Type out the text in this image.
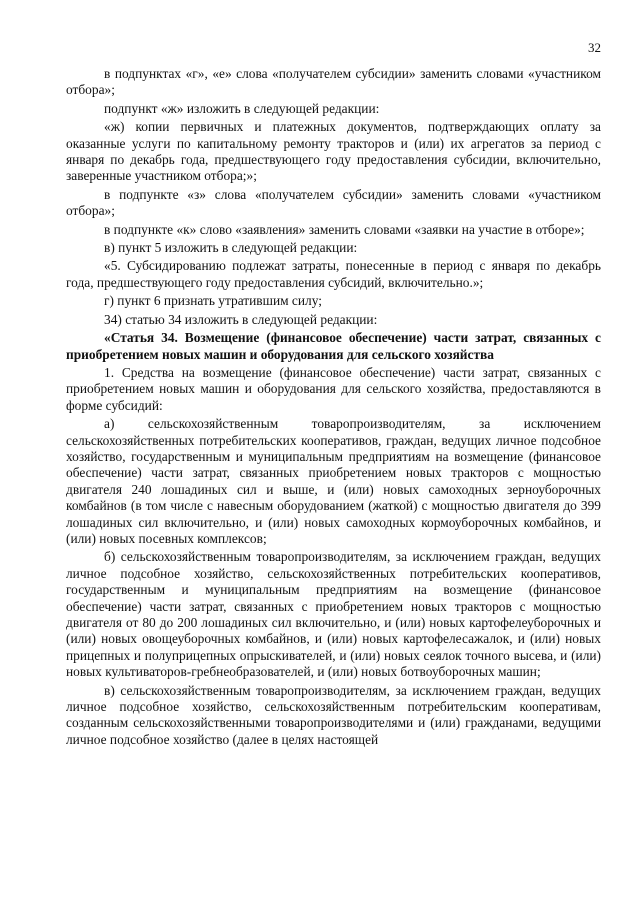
32

в подпунктах «г», «е» слова «получателем субсидии» заменить словами «участником отбора»;

подпункт «ж» изложить в следующей редакции:

«ж) копии первичных и платежных документов, подтверждающих оплату за оказанные услуги по капитальному ремонту тракторов и (или) их агрегатов за период с января по декабрь года, предшествующего году предоставления субсидии, включительно, заверенные участником отбора;»;

в подпункте «з» слова «получателем субсидии» заменить словами «участником отбора»;

в подпункте «к» слово «заявления» заменить словами «заявки на участие в отборе»;

в) пункт 5 изложить в следующей редакции:

«5. Субсидированию подлежат затраты, понесенные в период с января по декабрь года, предшествующего году предоставления субсидий, включительно.»;

г) пункт 6 признать утратившим силу;

34) статью 34 изложить в следующей редакции:

«Статья 34. Возмещение (финансовое обеспечение) части затрат, связанных с приобретением новых машин и оборудования для сельского хозяйства

1. Средства на возмещение (финансовое обеспечение) части затрат, связанных с приобретением новых машин и оборудования для сельского хозяйства, предоставляются в форме субсидий:

а) сельскохозяйственным товаропроизводителям, за исключением сельскохозяйственных потребительских кооперативов, граждан, ведущих личное подсобное хозяйство, государственным и муниципальным предприятиям на возмещение (финансовое обеспечение) части затрат, связанных приобретением новых тракторов с мощностью двигателя 240 лошадиных сил и выше, и (или) новых самоходных зерноуборочных комбайнов (в том числе с навесным оборудованием (жаткой) с мощностью двигателя до 399 лошадиных сил включительно, и (или) новых самоходных кормоуборочных комбайнов, и (или) новых посевных комплексов;

б) сельскохозяйственным товаропроизводителям, за исключением граждан, ведущих личное подсобное хозяйство, сельскохозяйственных потребительских кооперативов, государственным и муниципальным предприятиям на возмещение (финансовое обеспечение) части затрат, связанных с приобретением новых тракторов с мощностью двигателя от 80 до 200 лошадиных сил включительно, и (или) новых картофелеуборочных и (или) новых овощеуборочных комбайнов, и (или) новых картофелесажалок, и (или) новых прицепных и полуприцепных опрыскивателей, и (или) новых сеялок точного высева, и (или) новых культиваторов-гребнеобразователей, и (или) новых ботвоуборочных машин;

в) сельскохозяйственным товаропроизводителям, за исключением граждан, ведущих личное подсобное хозяйство, сельскохозяйственным потребительским кооперативам, созданным сельскохозяйственными товаропроизводителями и (или) гражданами, ведущими личное подсобное хозяйство (далее в целях настоящей
